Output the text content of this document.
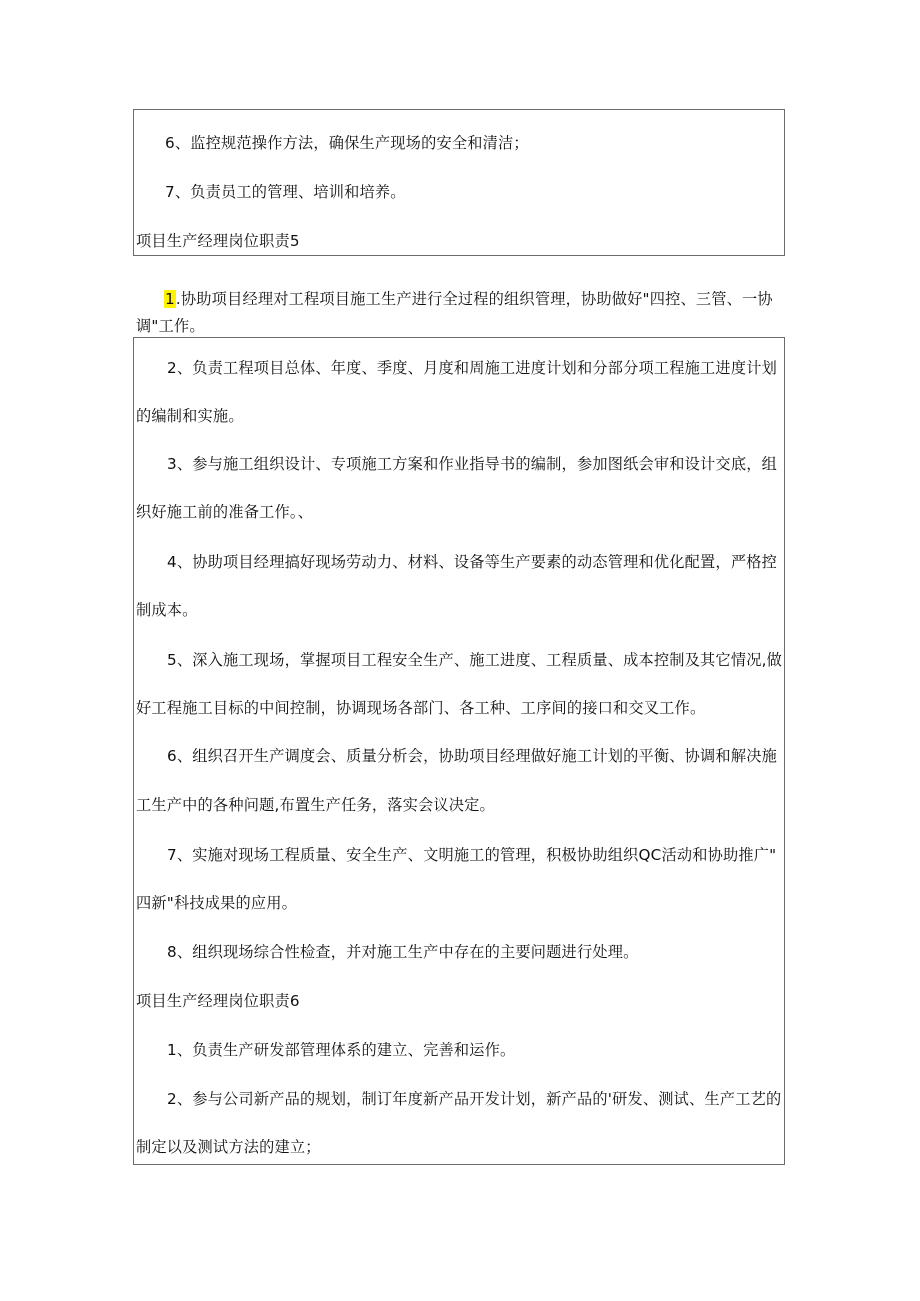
6、监控规范操作方法，确保生产现场的安全和清洁；
7、负责员工的管理、培训和培养。
项目生产经理岗位职责5
1.协助项目经理对工程项目施工生产进行全过程的组织管理，协助做好"四控、三管、一协
调"工作。
2、负责工程项目总体、年度、季度、月度和周施工进度计划和分部分项工程施工进度计划
的编制和实施。
3、参与施工组织设计、专项施工方案和作业指导书的编制，参加图纸会审和设计交底，组
织好施工前的准备工作。、
4、协助项目经理搞好现场劳动力、材料、设备等生产要素的动态管理和优化配置，严格控
制成本。
5、深入施工现场，掌握项目工程安全生产、施工进度、工程质量、成本控制及其它情况,做
好工程施工目标的中间控制，协调现场各部门、各工种、工序间的接口和交叉工作。
6、组织召开生产调度会、质量分析会，协助项目经理做好施工计划的平衡、协调和解决施
工生产中的各种问题,布置生产任务，落实会议决定。
7、实施对现场工程质量、安全生产、文明施工的管理，积极协助组织QC活动和协助推广"
四新"科技成果的应用。
8、组织现场综合性检查，并对施工生产中存在的主要问题进行处理。
项目生产经理岗位职责6
1、负责生产研发部管理体系的建立、完善和运作。
2、参与公司新产品的规划，制订年度新产品开发计划，新产品的'研发、测试、生产工艺的
制定以及测试方法的建立；
